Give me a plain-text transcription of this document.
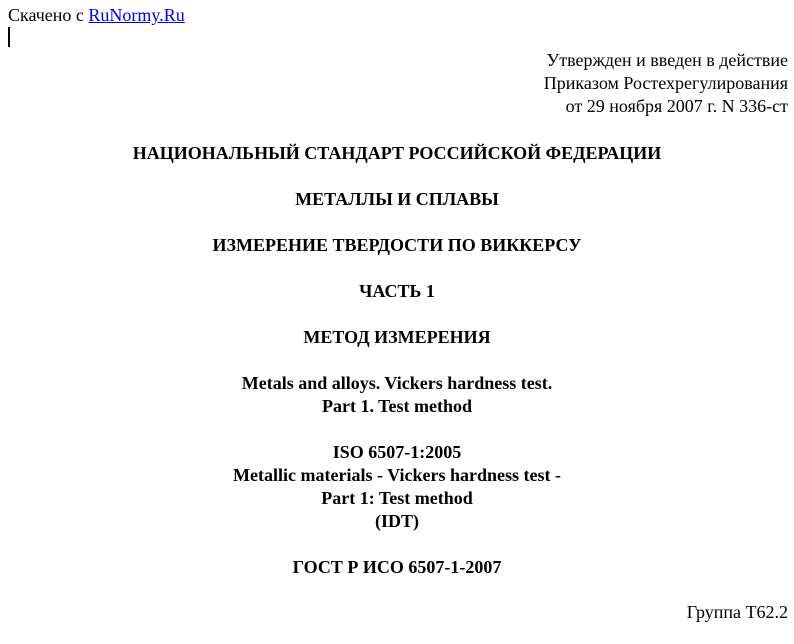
Скачено с RuNormy.Ru
Утвержден и введен в действие
Приказом Ростехрегулирования
от 29 ноября 2007 г. N 336-ст
НАЦИОНАЛЬНЫЙ СТАНДАРТ РОССИЙСКОЙ ФЕДЕРАЦИИ
МЕТАЛЛЫ И СПЛАВЫ
ИЗМЕРЕНИЕ ТВЕРДОСТИ ПО ВИККЕРСУ
ЧАСТЬ 1
МЕТОД ИЗМЕРЕНИЯ
Metals and alloys. Vickers hardness test.
Part 1. Test method
ISO 6507-1:2005
Metallic materials - Vickers hardness test -
Part 1: Test method
(IDT)
ГОСТ Р ИСО 6507-1-2007
Группа Т62.2
